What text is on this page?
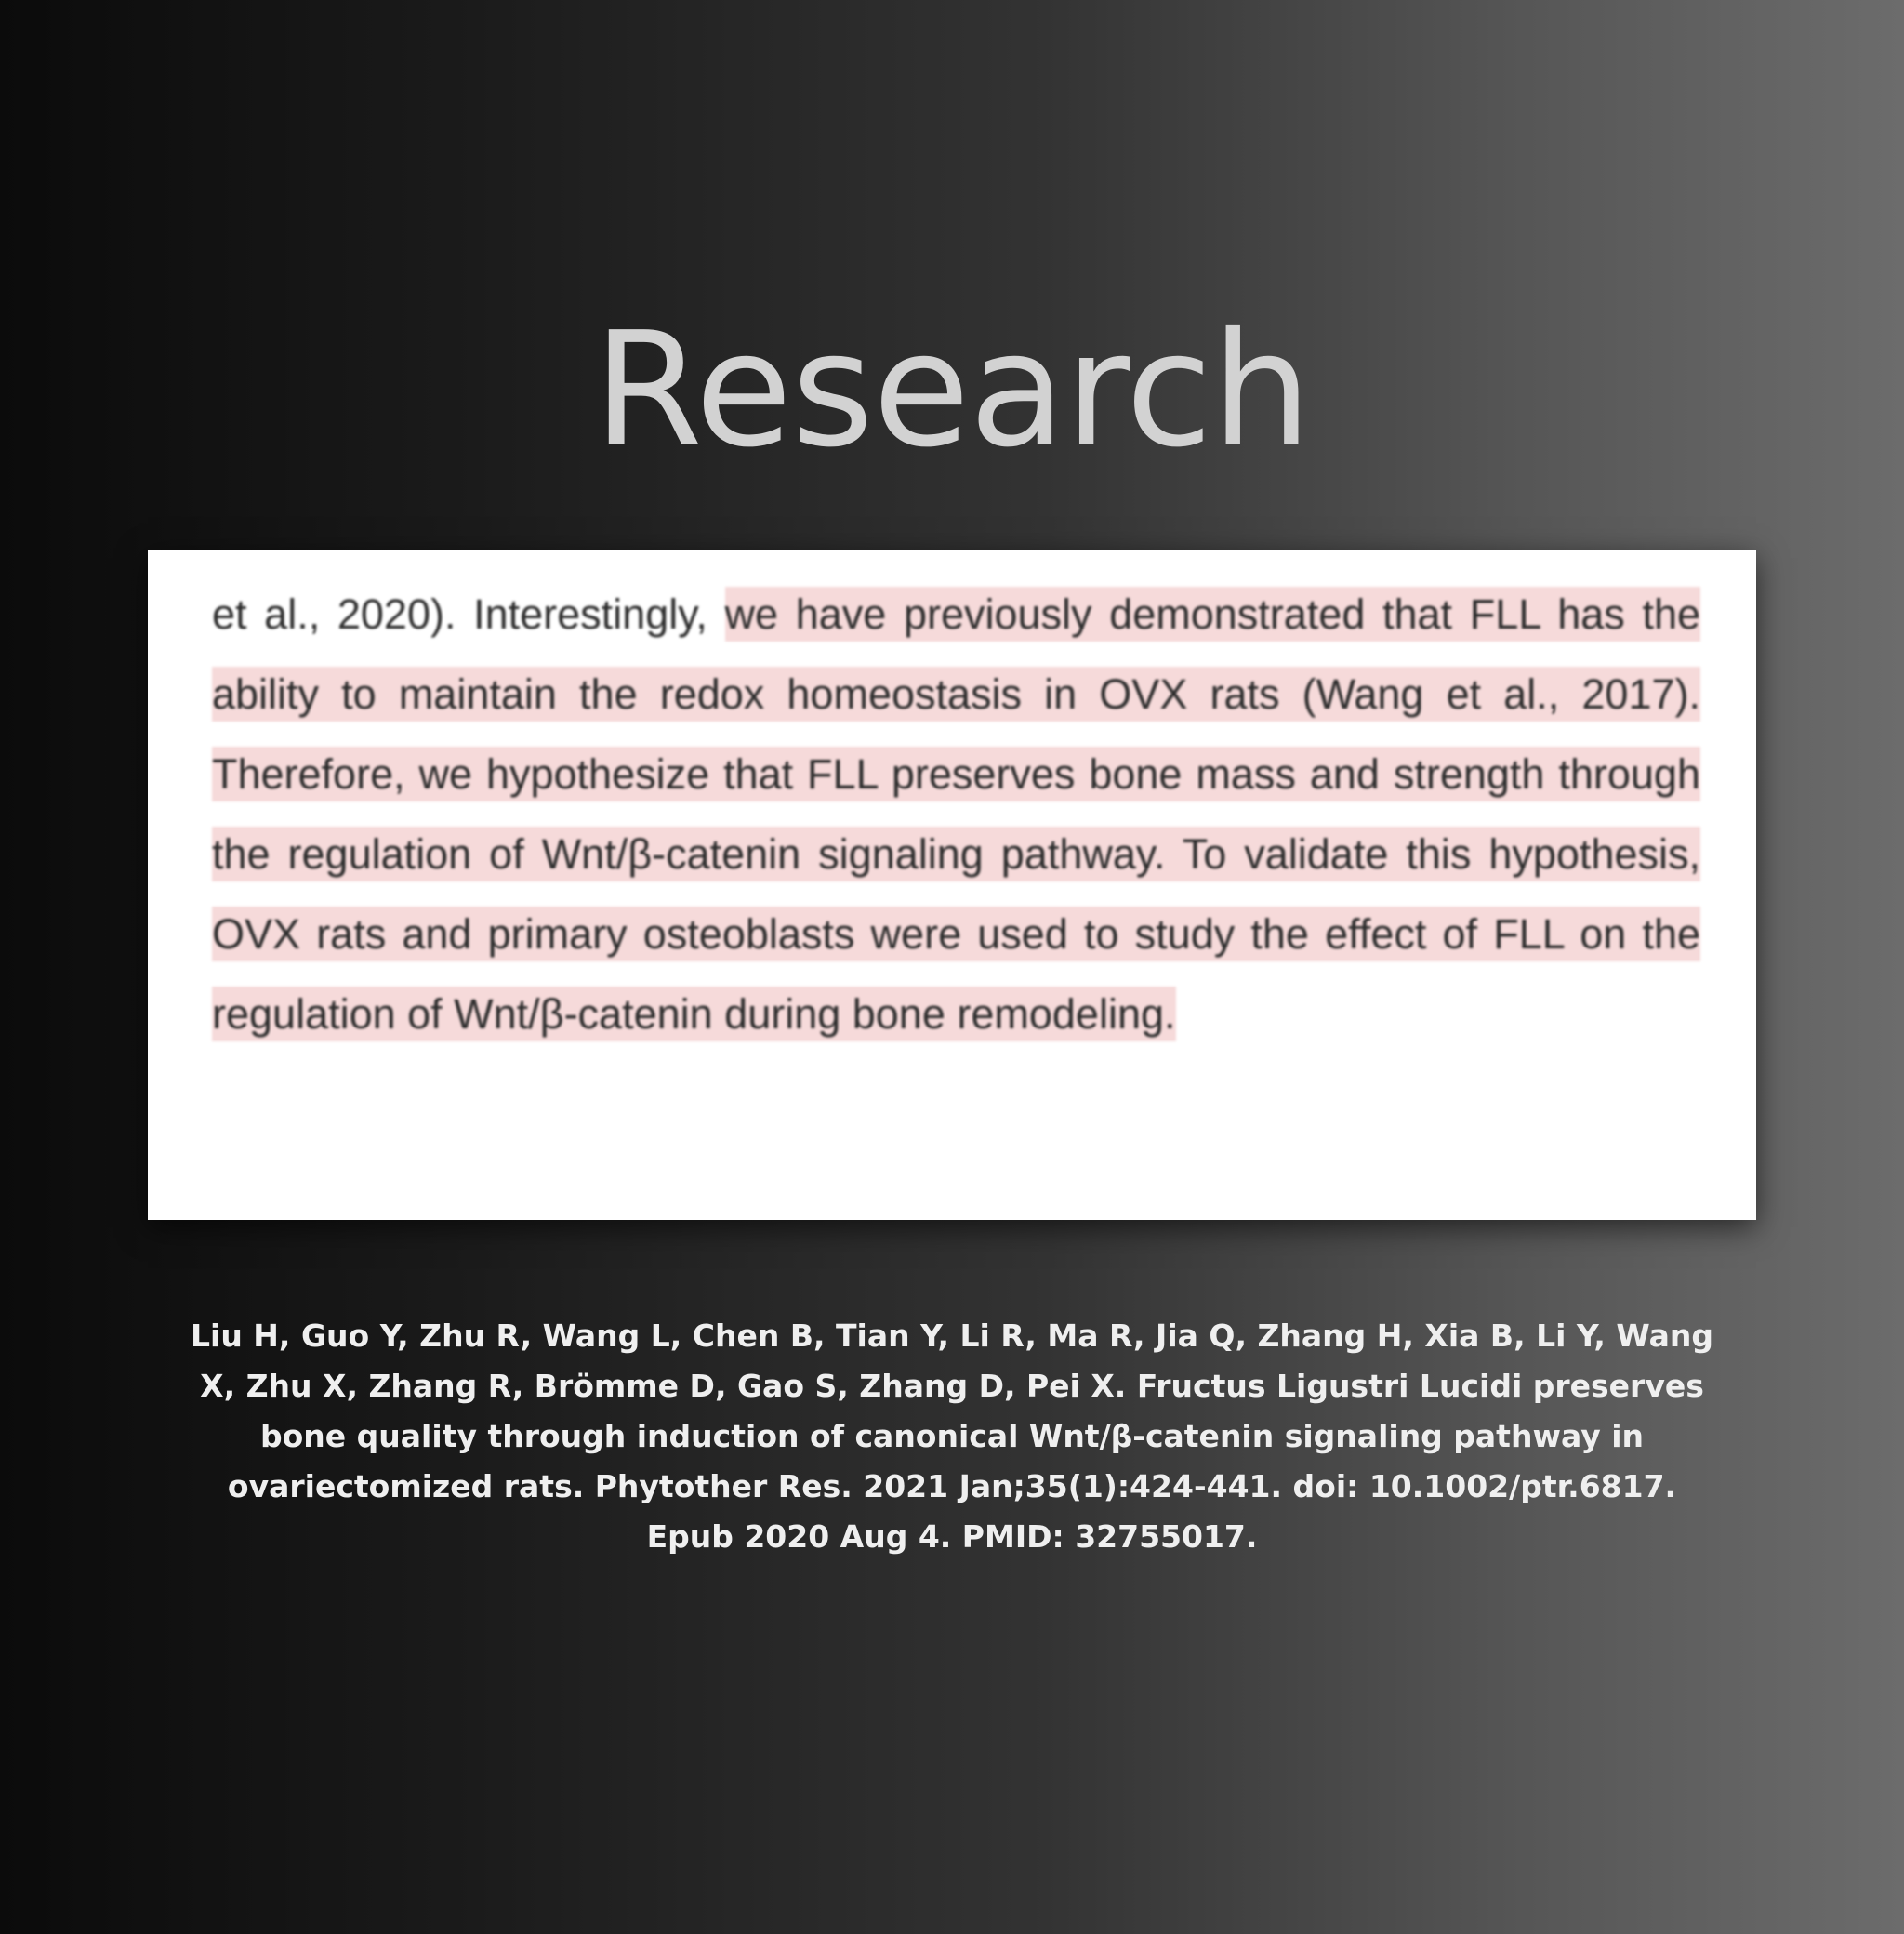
Research

et al., 2020). Interestingly, we have previously demonstrated that FLL has the ability to maintain the redox homeostasis in OVX rats (Wang et al., 2017). Therefore, we hypothesize that FLL preserves bone mass and strength through the regulation of Wnt/β-catenin signaling pathway. To validate this hypothesis, OVX rats and primary osteoblasts were used to study the effect of FLL on the regulation of Wnt/β-catenin during bone remodeling.

Liu H, Guo Y, Zhu R, Wang L, Chen B, Tian Y, Li R, Ma R, Jia Q, Zhang H, Xia B, Li Y, Wang X, Zhu X, Zhang R, Brömme D, Gao S, Zhang D, Pei X. Fructus Ligustri Lucidi preserves bone quality through induction of canonical Wnt/β-catenin signaling pathway in ovariectomized rats. Phytother Res. 2021 Jan;35(1):424-441. doi: 10.1002/ptr.6817. Epub 2020 Aug 4. PMID: 32755017.
